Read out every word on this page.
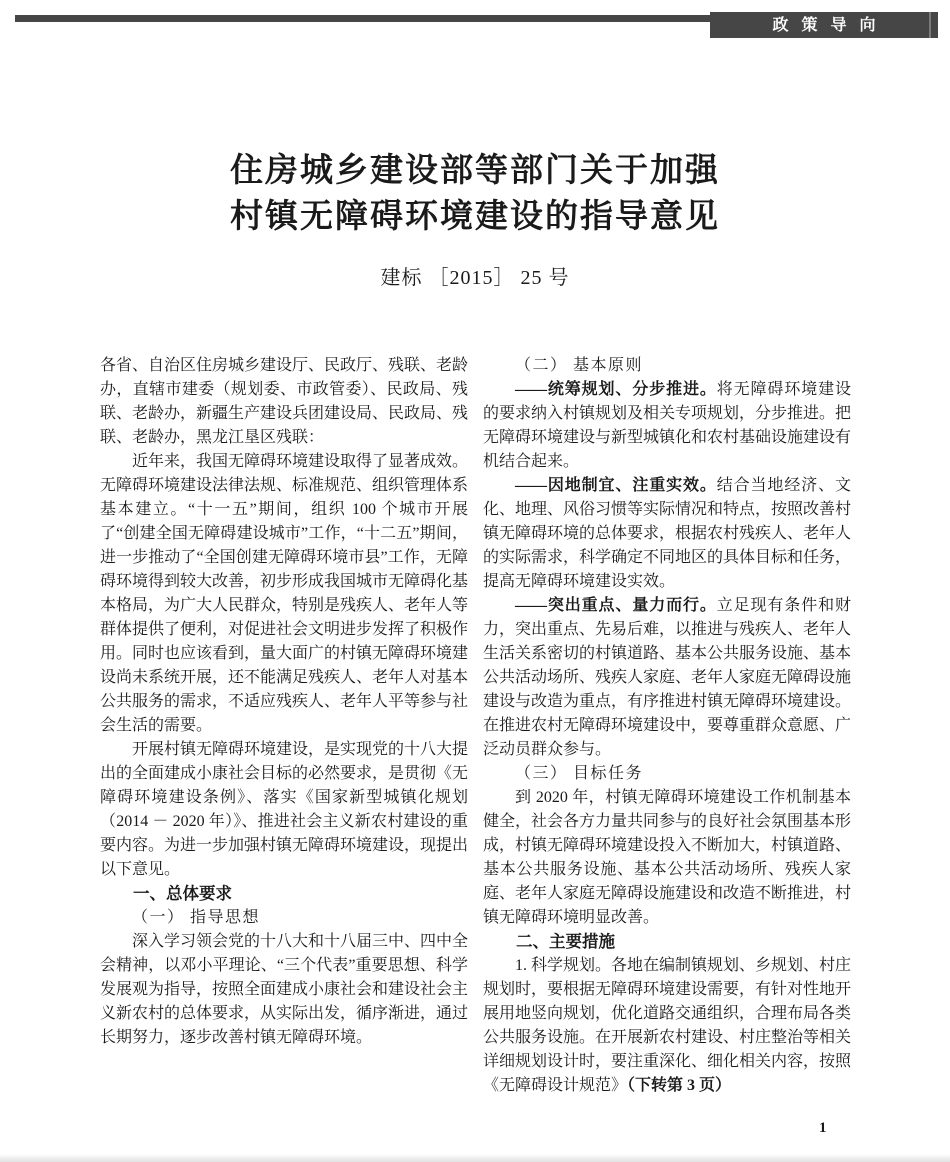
政策导向
住房城乡建设部等部门关于加强
村镇无障碍环境建设的指导意见
建标 ［2015］ 25 号

各省、自治区住房城乡建设厅、民政厅、残联、老龄办，直辖市建委（规划委、市政管委）、民政局、残联、老龄办，新疆生产建设兵团建设局、民政局、残联、老龄办，黑龙江垦区残联：

近年来，我国无障碍环境建设取得了显著成效。无障碍环境建设法律法规、标准规范、组织管理体系基本建立。“十一五”期间，组织 100 个城市开展了“创建全国无障碍建设城市”工作，“十二五”期间，进一步推动了“全国创建无障碍环境市县”工作，无障碍环境得到较大改善，初步形成我国城市无障碍化基本格局，为广大人民群众，特别是残疾人、老年人等群体提供了便利，对促进社会文明进步发挥了积极作用。同时也应该看到，量大面广的村镇无障碍环境建设尚未系统开展，还不能满足残疾人、老年人对基本公共服务的需求，不适应残疾人、老年人平等参与社会生活的需要。

开展村镇无障碍环境建设，是实现党的十八大提出的全面建成小康社会目标的必然要求，是贯彻《无障碍环境建设条例》、落实《国家新型城镇化规划（2014 － 2020 年）》、推进社会主义新农村建设的重要内容。为进一步加强村镇无障碍环境建设，现提出以下意见。

一、总体要求

（一） 指导思想

深入学习领会党的十八大和十八届三中、四中全会精神，以邓小平理论、“三个代表”重要思想、科学发展观为指导，按照全面建成小康社会和建设社会主义新农村的总体要求，从实际出发，循序渐进，通过长期努力，逐步改善村镇无障碍环境。

（二） 基本原则

——统筹规划、分步推进。将无障碍环境建设的要求纳入村镇规划及相关专项规划，分步推进。把无障碍环境建设与新型城镇化和农村基础设施建设有机结合起来。

——因地制宜、注重实效。结合当地经济、文化、地理、风俗习惯等实际情况和特点，按照改善村镇无障碍环境的总体要求，根据农村残疾人、老年人的实际需求，科学确定不同地区的具体目标和任务，提高无障碍环境建设实效。

——突出重点、量力而行。立足现有条件和财力，突出重点、先易后难，以推进与残疾人、老年人生活关系密切的村镇道路、基本公共服务设施、基本公共活动场所、残疾人家庭、老年人家庭无障碍设施建设与改造为重点，有序推进村镇无障碍环境建设。在推进农村无障碍环境建设中，要尊重群众意愿、广泛动员群众参与。

（三） 目标任务

到 2020 年，村镇无障碍环境建设工作机制基本健全，社会各方力量共同参与的良好社会氛围基本形成，村镇无障碍环境建设投入不断加大，村镇道路、基本公共服务设施、基本公共活动场所、残疾人家庭、老年人家庭无障碍设施建设和改造不断推进，村镇无障碍环境明显改善。

二、主要措施

1. 科学规划。各地在编制镇规划、乡规划、村庄规划时，要根据无障碍环境建设需要，有针对性地开展用地竖向规划，优化道路交通组织，合理布局各类公共服务设施。在开展新农村建设、村庄整治等相关详细规划设计时，要注重深化、细化相关内容，按照《无障碍设计规范》（下转第 3 页）

1
